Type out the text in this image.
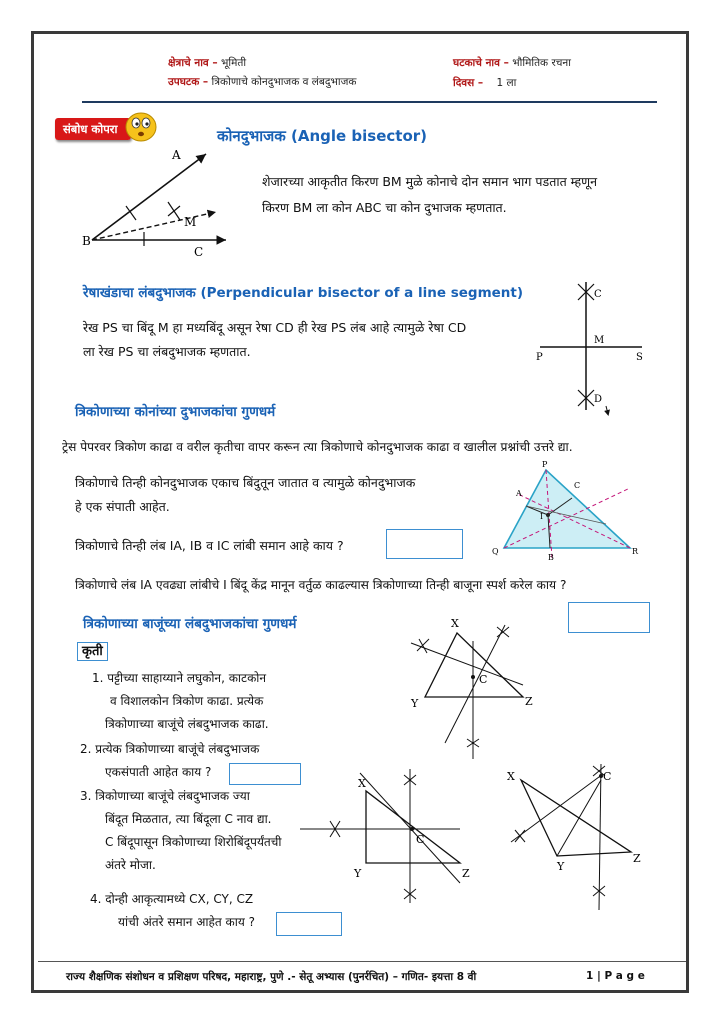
क्षेत्राचे नाव – भूमिती
उपघटक – त्रिकोणाचे कोनदुभाजक व लंबदुभाजक
घटकाचे नाव – भौमितिक रचना
दिवस – 1 ला
संबोध कोपरा	कोनदुभाजक (Angle bisector)
शेजारच्या आकृतीत किरण BM मुळे कोनाचे दोन समान भाग पडतात म्हणून
किरण BM ला कोन ABC चा कोन दुभाजक म्हणतात.
A
B
C
M
रेषाखंडाचा लंबदुभाजक (Perpendicular bisector of a line segment)
रेख PS चा बिंदू M हा मध्यबिंदू असून रेषा CD ही रेख PS लंब आहे त्यामुळे रेषा CD
ला रेख PS चा लंबदुभाजक म्हणतात.
C
M
P	S
D
त्रिकोणाच्या कोनांच्या दुभाजकांचा गुणधर्म
ट्रेस पेपरवर त्रिकोण काढा व वरील कृतीचा वापर करून त्या त्रिकोणाचे कोनदुभाजक काढा व खालील प्रश्नांची उत्तरे द्या.
त्रिकोणाचे तिन्ही कोनदुभाजक एकाच बिंदुतून जातात व त्यामुळे कोनदुभाजक
हे एक संपाती आहेत.
त्रिकोणाचे तिन्ही लंब IA, IB व IC लांबी समान आहे काय ?
P
A
C
I
Q
B
R
त्रिकोणाचे लंब IA एवढ्या लांबीचे I बिंदू केंद्र मानून वर्तुळ काढल्यास त्रिकोणाच्या तिन्ही बाजूना स्पर्श करेल काय ?
त्रिकोणाच्या बाजूंच्या लंबदुभाजकांचा गुणधर्म
कृती
1. पट्टीच्या साहाय्याने लघुकोन, काटकोन
व विशालकोन त्रिकोण काढा. प्रत्येक
त्रिकोणाच्या बाजूंचे लंबदुभाजक काढा.
2. प्रत्येक त्रिकोणाच्या बाजूंचे लंबदुभाजक
एकसंपाती आहेत काय ?
3. त्रिकोणाच्या बाजूंचे लंबदुभाजक ज्या
बिंदूत मिळतात, त्या बिंदूला C नाव द्या.
C बिंदूपासून त्रिकोणाच्या शिरोबिंदूपर्यंतची
अंतरे मोजा.
4. दोन्ही आकृत्यामध्ये CX, CY, CZ
यांची अंतरे समान आहेत काय ?
X
Y	Z
C
X
Y	Z
C
X
Y
Z
C
राज्य शैक्षणिक संशोधन व प्रशिक्षण परिषद, महाराष्ट्र, पुणे .- सेतू अभ्यास (पुनर्रचित) – गणित- इयत्ता 8 वी	1 | P a g e
